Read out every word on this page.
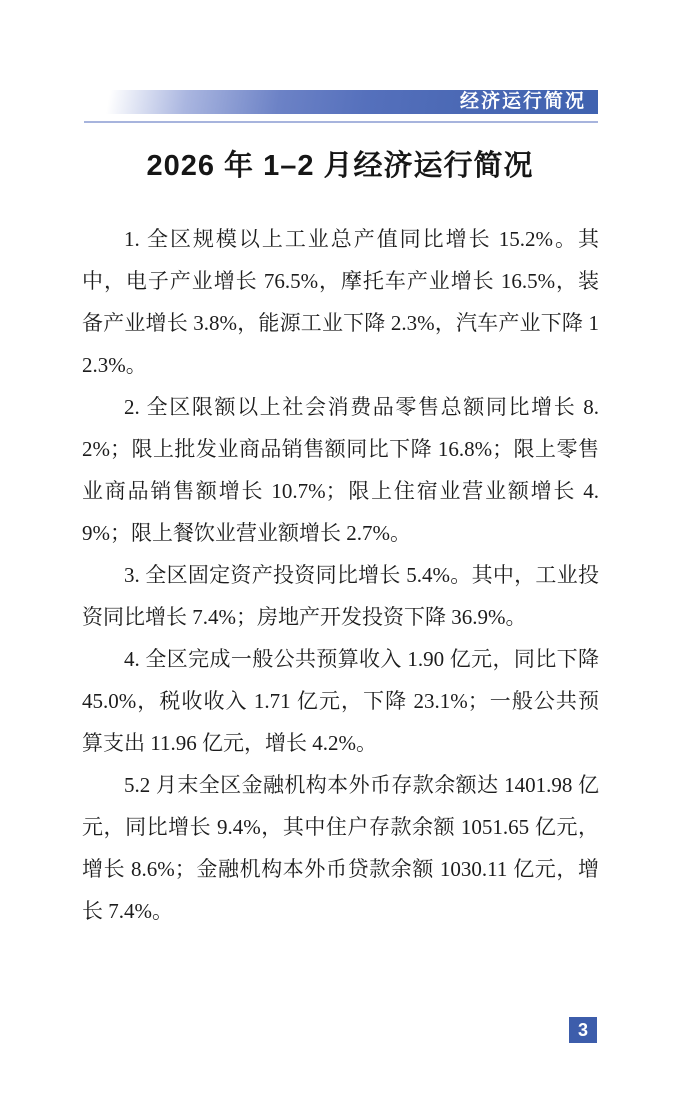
经济运行简况
2026 年 1–2 月经济运行简况

1. 全区规模以上工业总产值同比增长 15.2%。其中，电子产业增长 76.5%，摩托车产业增长 16.5%，装备产业增长 3.8%，能源工业下降 2.3%，汽车产业下降 12.3%。

2. 全区限额以上社会消费品零售总额同比增长 8.2%；限上批发业商品销售额同比下降 16.8%；限上零售业商品销售额增长 10.7%；限上住宿业营业额增长 4.9%；限上餐饮业营业额增长 2.7%。

3. 全区固定资产投资同比增长 5.4%。其中，工业投资同比增长 7.4%；房地产开发投资下降 36.9%。

4. 全区完成一般公共预算收入 1.90 亿元，同比下降 45.0%，税收收入 1.71 亿元，下降 23.1%；一般公共预算支出 11.96 亿元，增长 4.2%。

5.2 月末全区金融机构本外币存款余额达 1401.98 亿元，同比增长 9.4%，其中住户存款余额 1051.65 亿元，增长 8.6%；金融机构本外币贷款余额 1030.11 亿元，增长 7.4%。

3
